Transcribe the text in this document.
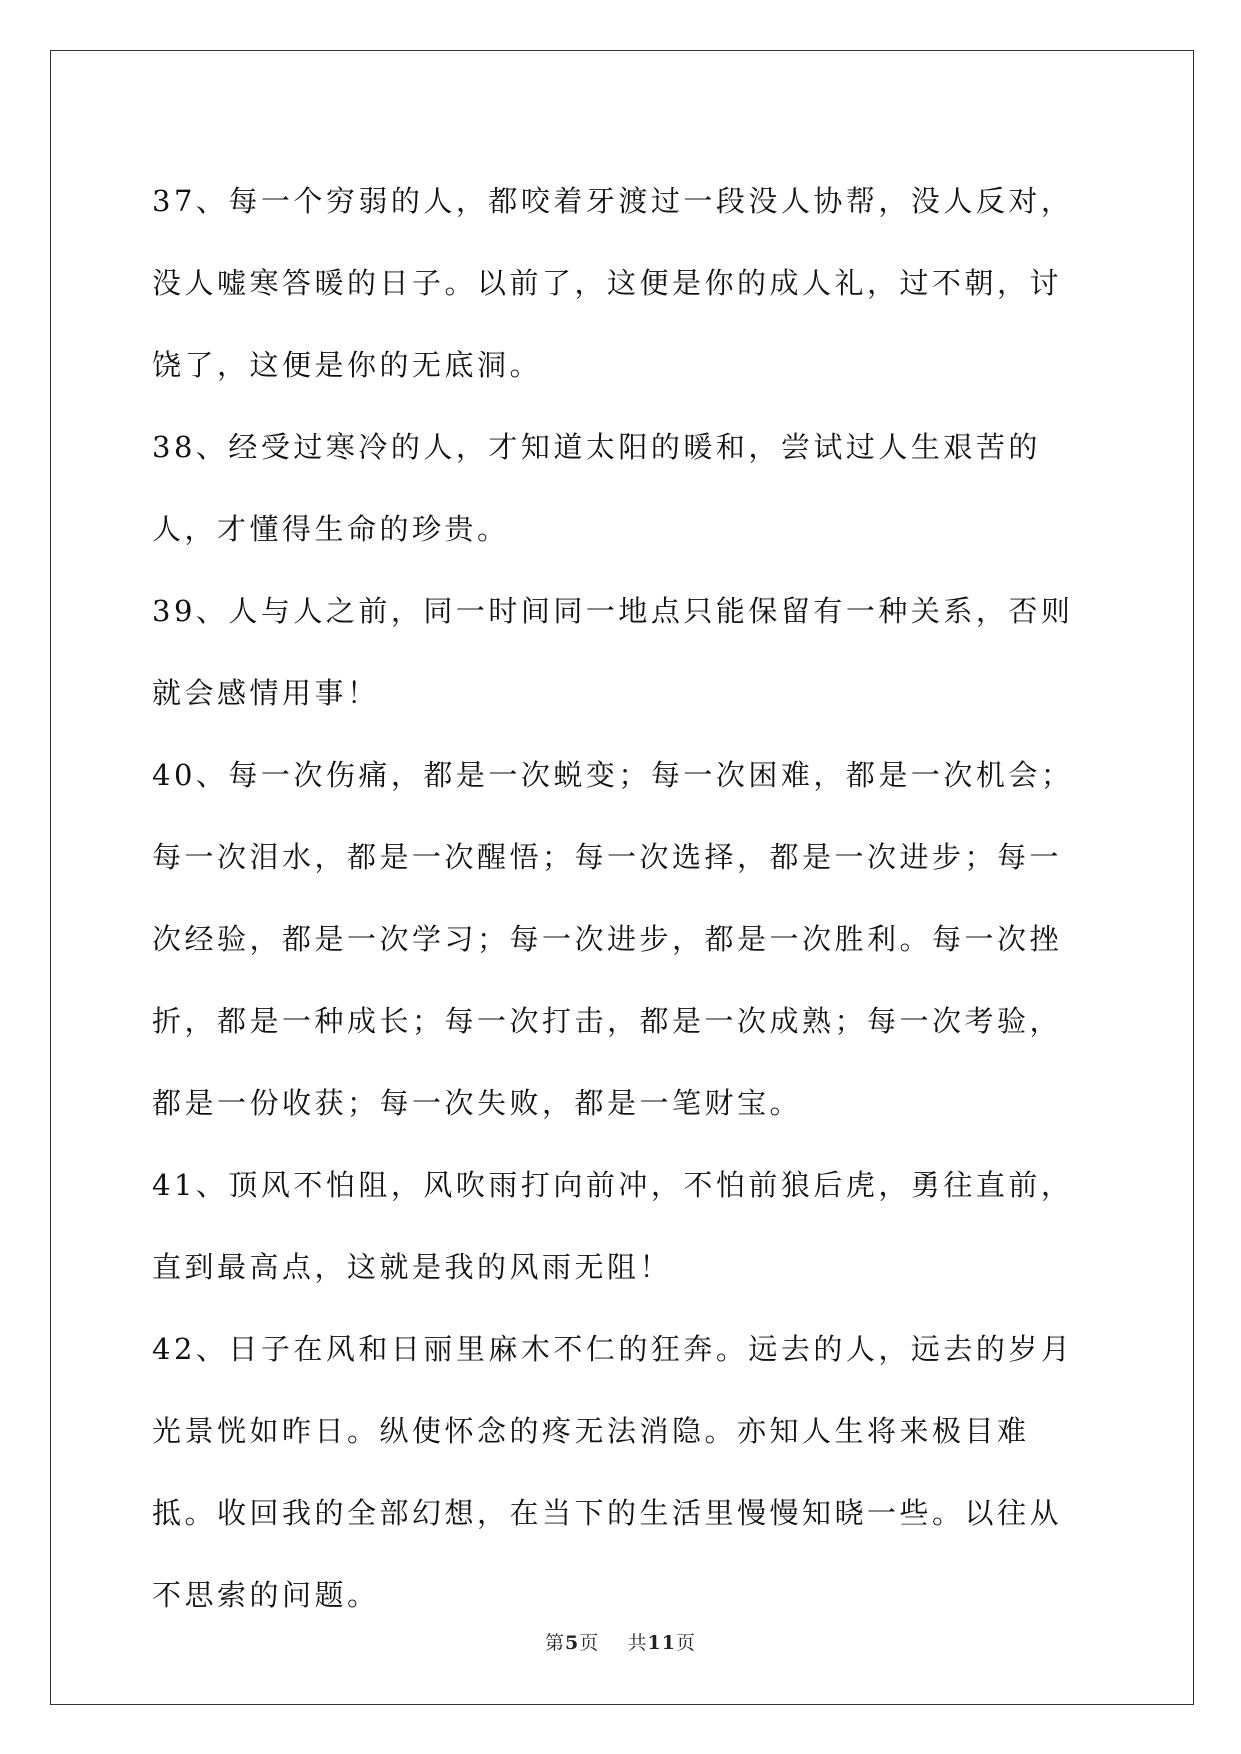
37、每一个穷弱的人，都咬着牙渡过一段没人协帮，没人反对，没人嘘寒答暖的日子。以前了，这便是你的成人礼，过不朝，讨饶了，这便是你的无底洞。

38、经受过寒冷的人，才知道太阳的暖和，尝试过人生艰苦的人，才懂得生命的珍贵。

39、人与人之前，同一时间同一地点只能保留有一种关系，否则就会感情用事！

40、每一次伤痛，都是一次蜕变；每一次困难，都是一次机会；每一次泪水，都是一次醒悟；每一次选择，都是一次进步；每一次经验，都是一次学习；每一次进步，都是一次胜利。每一次挫折，都是一种成长；每一次打击，都是一次成熟；每一次考验，都是一份收获；每一次失败，都是一笔财宝。

41、顶风不怕阻，风吹雨打向前冲，不怕前狼后虎，勇往直前，直到最高点，这就是我的风雨无阻！

42、日子在风和日丽里麻木不仁的狂奔。远去的人，远去的岁月光景恍如昨日。纵使怀念的疼无法消隐。亦知人生将来极目难抵。收回我的全部幻想，在当下的生活里慢慢知晓一些。以往从不思索的问题。

第5页 共11页
